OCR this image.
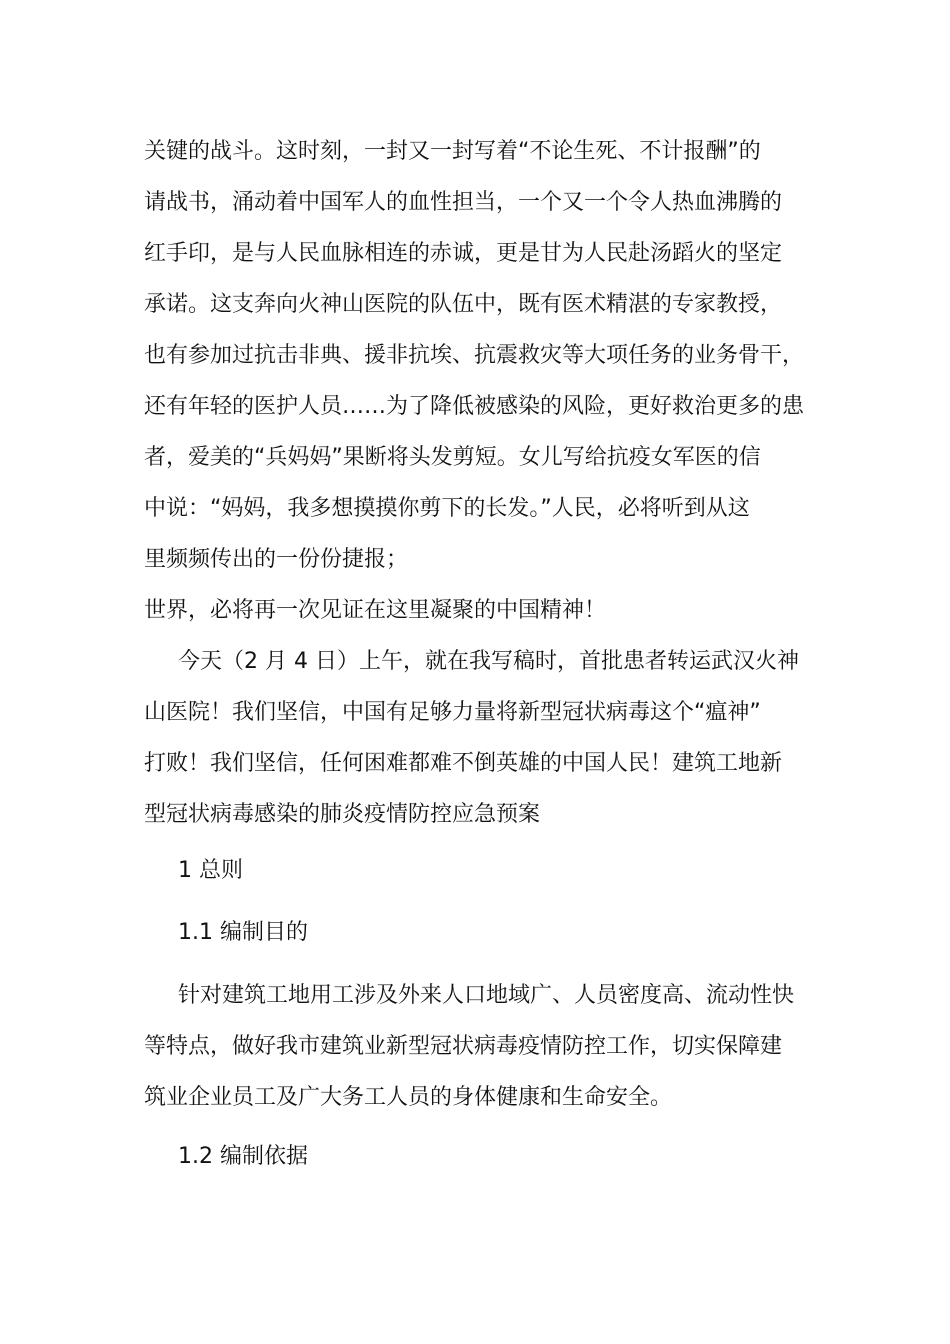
关键的战斗。这时刻，一封又一封写着“不论生死、不计报酬”的
请战书，涌动着中国军人的血性担当，一个又一个令人热血沸腾的
红手印，是与人民血脉相连的赤诚，更是甘为人民赴汤蹈火的坚定
承诺。这支奔向火神山医院的队伍中，既有医术精湛的专家教授，
也有参加过抗击非典、援非抗埃、抗震救灾等大项任务的业务骨干，
还有年轻的医护人员……为了降低被感染的风险，更好救治更多的患
者，爱美的“兵妈妈”果断将头发剪短。女儿写给抗疫女军医的信
中说：“妈妈，我多想摸摸你剪下的长发。”人民，必将听到从这
里频频传出的一份份捷报；
世界，必将再一次见证在这里凝聚的中国精神！
今天（2 月 4 日）上午，就在我写稿时，首批患者转运武汉火神
山医院！我们坚信，中国有足够力量将新型冠状病毒这个“瘟神”
打败！我们坚信，任何困难都难不倒英雄的中国人民！建筑工地新
型冠状病毒感染的肺炎疫情防控应急预案
1 总则
1.1 编制目的
针对建筑工地用工涉及外来人口地域广、人员密度高、流动性快
等特点，做好我市建筑业新型冠状病毒疫情防控工作，切实保障建
筑业企业员工及广大务工人员的身体健康和生命安全。
1.2 编制依据
